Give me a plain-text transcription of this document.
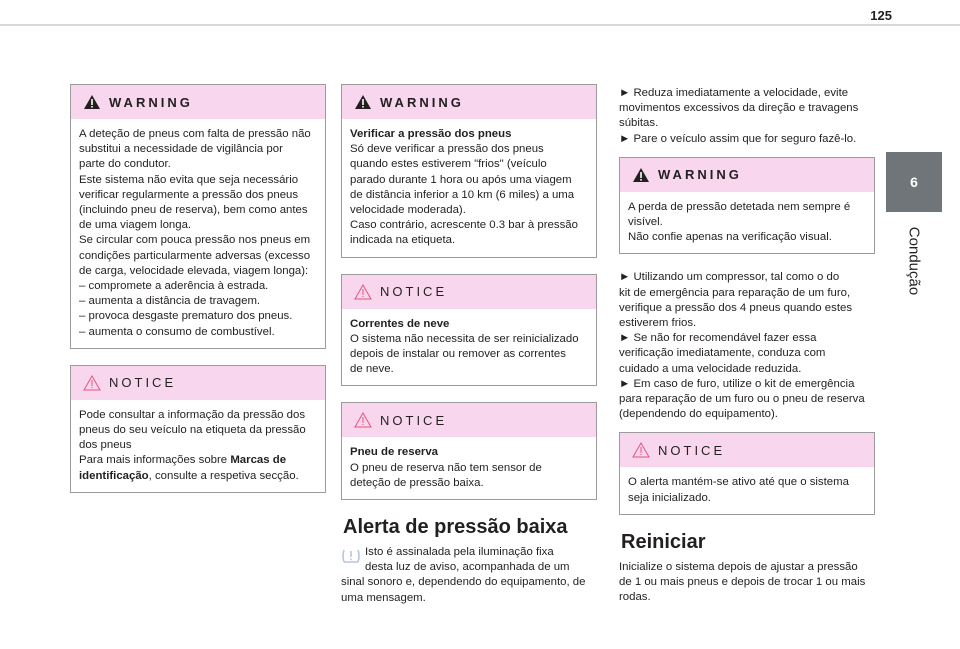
125
6
Condução
WARNING

A deteção de pneus com falta de pressão não

substitui a necessidade de vigilância por

parte do condutor.

Este sistema não evita que seja necessário

verificar regularmente a pressão dos pneus

(incluindo pneu de reserva), bem como antes

de uma viagem longa.

Se circular com pouca pressão nos pneus em

condições particularmente adversas (excesso

de carga, velocidade elevada, viagem longa):

– compromete a aderência à estrada.

– aumenta a distância de travagem.

– provoca desgaste prematuro dos pneus.

– aumenta o consumo de combustível.

NOTICE

Pode consultar a informação da pressão dos

pneus do seu veículo na etiqueta da pressão

dos pneus

Para mais informações sobre Marcas de
identificação, consulte a respetiva secção.

WARNING

Verificar a pressão dos pneus

Só deve verificar a pressão dos pneus

quando estes estiverem "frios" (veículo

parado durante 1 hora ou após uma viagem

de distância inferior a 10 km (6 miles) a uma

velocidade moderada).

Caso contrário, acrescente 0.3 bar à pressão

indicada na etiqueta.

NOTICE

Correntes de neve

O sistema não necessita de ser reinicializado

depois de instalar ou remover as correntes

de neve.

NOTICE

Pneu de reserva

O pneu de reserva não tem sensor de

deteção de pressão baixa.

Alerta de pressão baixa

Isto é assinalada pela iluminação fixa

desta luz de aviso, acompanhada de um

sinal sonoro e, dependendo do equipamento, de

uma mensagem.

► Reduza imediatamente a velocidade, evite

movimentos excessivos da direção e travagens

súbitas.

► Pare o veículo assim que for seguro fazê-lo.

WARNING

A perda de pressão detetada nem sempre é

visível.

Não confie apenas na verificação visual.

► Utilizando um compressor, tal como o do

kit de emergência para reparação de um furo,

verifique a pressão dos 4 pneus quando estes

estiverem frios.

► Se não for recomendável fazer essa

verificação imediatamente, conduza com

cuidado a uma velocidade reduzida.

► Em caso de furo, utilize o kit de emergência

para reparação de um furo ou o pneu de reserva

(dependendo do equipamento).

NOTICE

O alerta mantém-se ativo até que o sistema

seja inicializado.

Reiniciar

Inicialize o sistema depois de ajustar a pressão

de 1 ou mais pneus e depois de trocar 1 ou mais

rodas.
